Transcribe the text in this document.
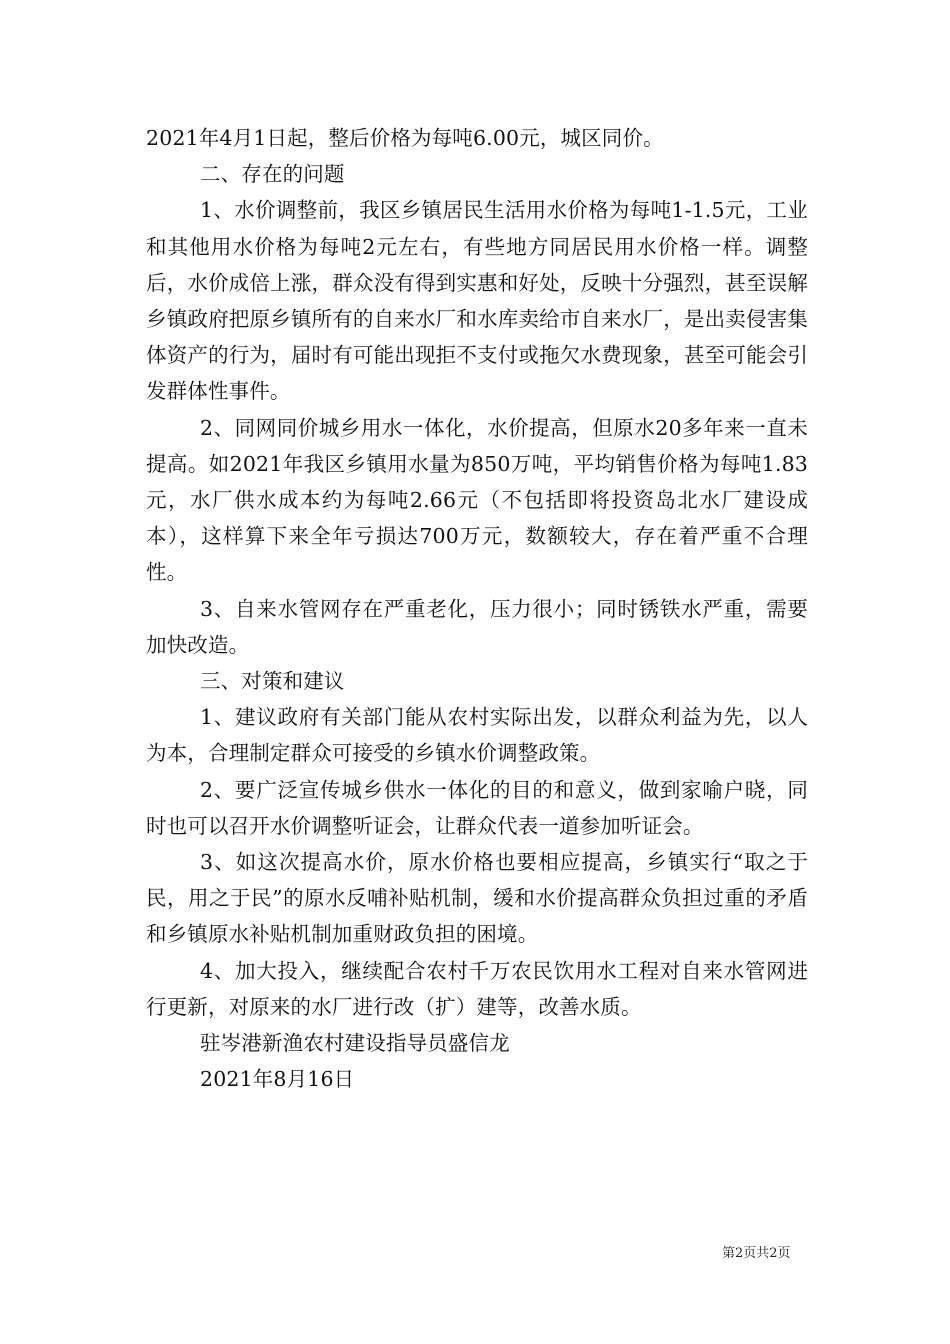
2021年4月1日起，整后价格为每吨6.00元，城区同价。

二、存在的问题

1、水价调整前，我区乡镇居民生活用水价格为每吨1-1.5元，工业和其他用水价格为每吨2元左右，有些地方同居民用水价格一样。调整后，水价成倍上涨，群众没有得到实惠和好处，反映十分强烈，甚至误解乡镇政府把原乡镇所有的自来水厂和水库卖给市自来水厂，是出卖侵害集体资产的行为，届时有可能出现拒不支付或拖欠水费现象，甚至可能会引发群体性事件。

2、同网同价城乡用水一体化，水价提高，但原水20多年来一直未提高。如2021年我区乡镇用水量为850万吨，平均销售价格为每吨1.83元，水厂供水成本约为每吨2.66元（不包括即将投资岛北水厂建设成本），这样算下来全年亏损达700万元，数额较大，存在着严重不合理性。

3、自来水管网存在严重老化，压力很小；同时锈铁水严重，需要加快改造。

三、对策和建议

1、建议政府有关部门能从农村实际出发，以群众利益为先，以人为本，合理制定群众可接受的乡镇水价调整政策。

2、要广泛宣传城乡供水一体化的目的和意义，做到家喻户晓，同时也可以召开水价调整听证会，让群众代表一道参加听证会。

3、如这次提高水价，原水价格也要相应提高，乡镇实行“取之于民，用之于民”的原水反哺补贴机制，缓和水价提高群众负担过重的矛盾和乡镇原水补贴机制加重财政负担的困境。

4、加大投入，继续配合农村千万农民饮用水工程对自来水管网进行更新，对原来的水厂进行改（扩）建等，改善水质。

驻岑港新渔农村建设指导员盛信龙

2021年8月16日

第2页共2页
